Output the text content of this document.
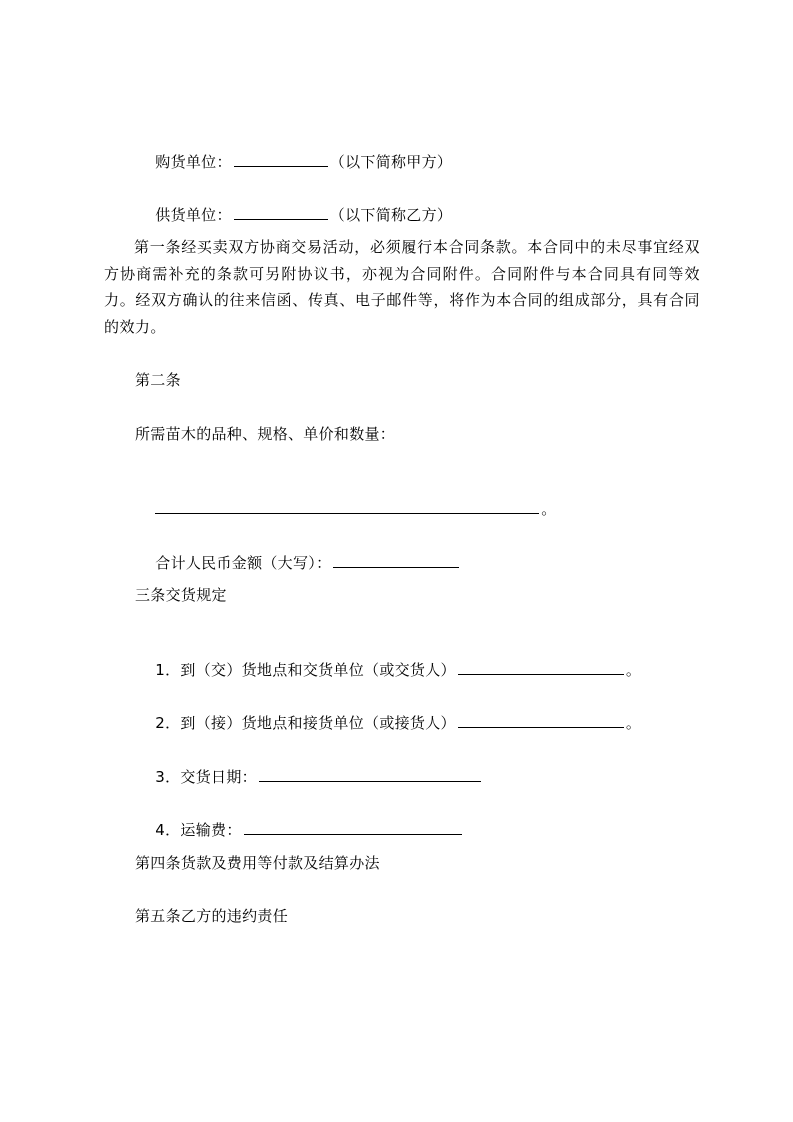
购货单位：	（以下简称甲方）

供货单位：	（以下简称乙方）

第一条经买卖双方协商交易活动，必须履行本合同条款。本合同中的未尽事宜经双方协商需补充的条款可另附协议书，亦视为合同附件。合同附件与本合同具有同等效力。经双方确认的往来信函、传真、电子邮件等，将作为本合同的组成部分，具有合同的效力。
第二条
所需苗木的品种、规格、单价和数量：

。

合计人民币金额（大写）：

三条交货规定

1．到（交）货地点和交货单位（或交货人）	。

2．到（接）货地点和接货单位（或接货人）	。

3．交货日期：

4．运输费：

第四条货款及费用等付款及结算办法
第五条乙方的违约责任
